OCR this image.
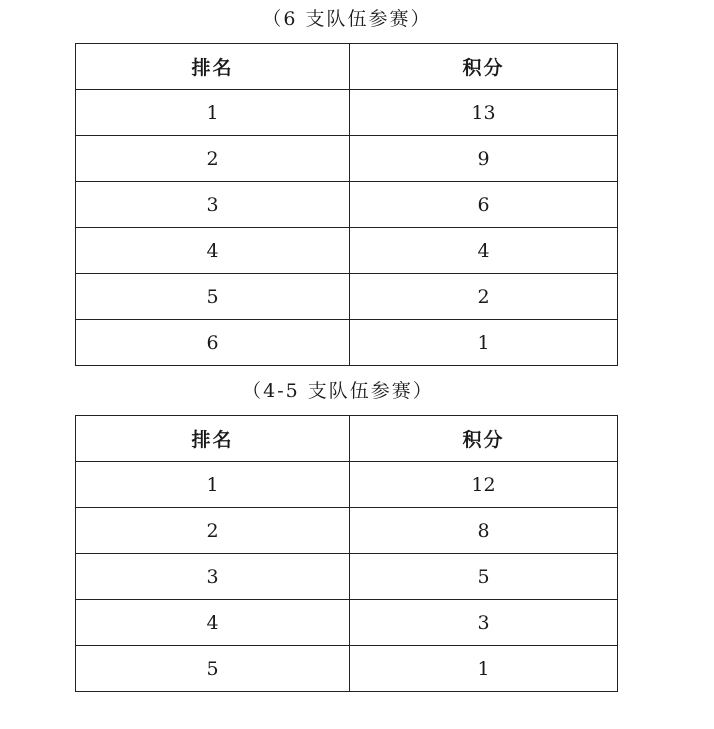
（6 支队伍参赛）
排名	积分
1	13
2	9
3	6
4	4
5	2
6	1
（4-5 支队伍参赛）
排名	积分
1	12
2	8
3	5
4	3
5	1
